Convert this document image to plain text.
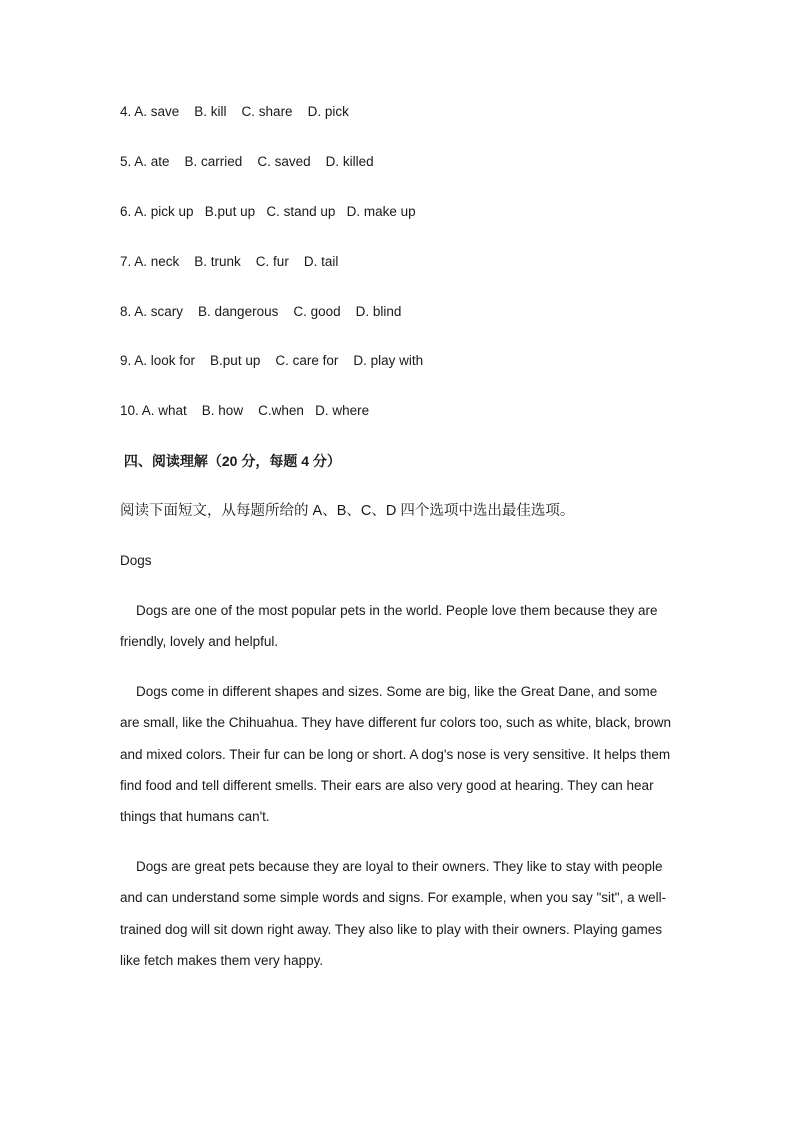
4. A. save    B. kill    C. share    D. pick
5. A. ate    B. carried    C. saved    D. killed
6. A. pick up   B.put up   C. stand up   D. make up
7. A. neck    B. trunk    C. fur    D. tail
8. A. scary    B. dangerous    C. good    D. blind
9. A. look for    B.put up    C. care for    D. play with
10. A. what    B. how    C.when   D. where
四、阅读理解（20 分，每题 4 分）
阅读下面短文，从每题所给的 A、B、C、D 四个选项中选出最佳选项。
Dogs
Dogs are one of the most popular pets in the world. People love them because they are friendly, lovely and helpful.
Dogs come in different shapes and sizes. Some are big, like the Great Dane, and some are small, like the Chihuahua. They have different fur colors too, such as white, black, brown and mixed colors. Their fur can be long or short. A dog's nose is very sensitive. It helps them find food and tell different smells. Their ears are also very good at hearing. They can hear things that humans can't.
Dogs are great pets because they are loyal to their owners. They like to stay with people and can understand some simple words and signs. For example, when you say "sit", a well-trained dog will sit down right away. They also like to play with their owners. Playing games like fetch makes them very happy.
